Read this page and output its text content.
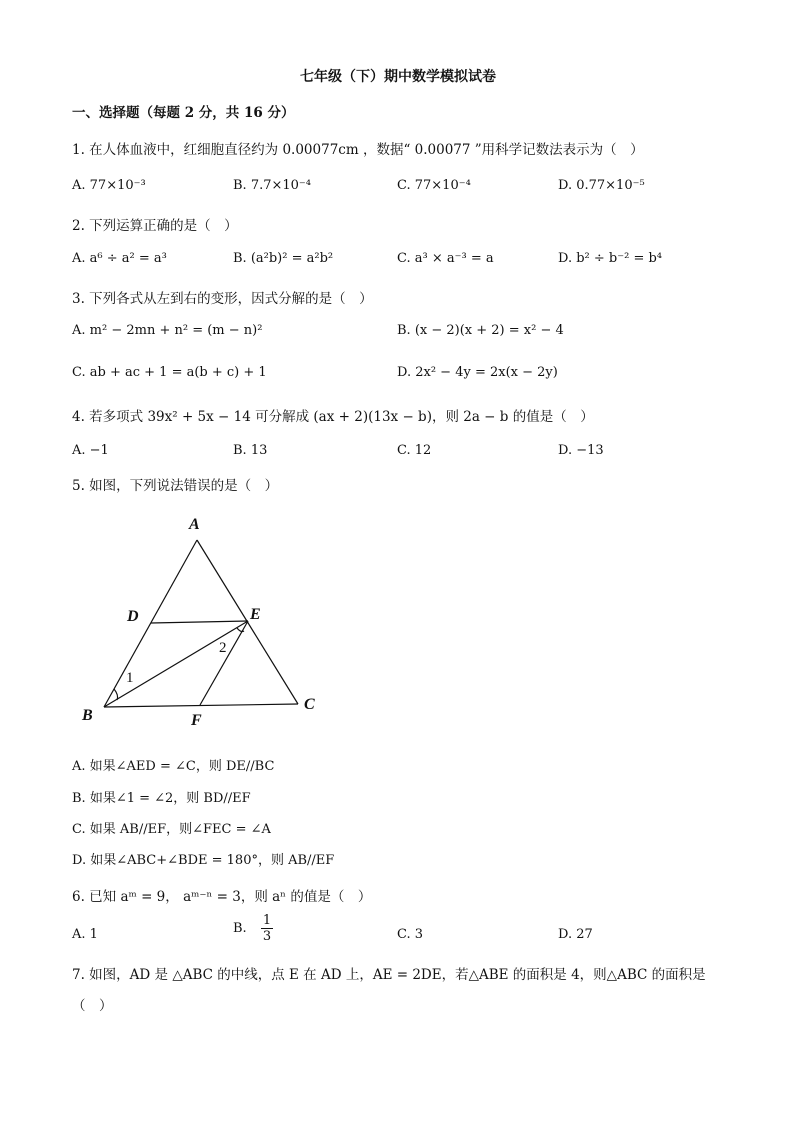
七年级（下）期中数学模拟试卷
一、选择题（每题 2 分，共 16 分）
1. 在人体血液中，红细胞直径约为 0.00077cm ，数据“ 0.00077 ”用科学记数法表示为（　）
A. 77×10⁻³	B. 7.7×10⁻⁴	C. 77×10⁻⁴	D. 0.77×10⁻⁵
2. 下列运算正确的是（　）
A. a⁶ ÷ a² = a³	B. (a²b)² = a²b²	C. a³ × a⁻³ = a	D. b² ÷ b⁻² = b⁴
3. 下列各式从左到右的变形，因式分解的是（　）
A. m² − 2mn + n² = (m − n)²	B. (x − 2)(x + 2) = x² − 4
C. ab + ac + 1 = a(b + c) + 1	D. 2x² − 4y = 2x(x − 2y)
4. 若多项式 39x² + 5x − 14 可分解成 (ax + 2)(13x − b)，则 2a − b 的值是（　）
A. −1	B. 13	C. 12	D. −13
5. 如图，下列说法错误的是（　）
A
D	E
B	F
C
1
2
A. 如果∠AED = ∠C，则 DE//BC
B. 如果∠1 = ∠2，则 BD//EF
C. 如果 AB//EF，则∠FEC = ∠A
D. 如果∠ABC+∠BDE = 180°，则 AB//EF
6. 已知 aᵐ = 9， aᵐ⁻ⁿ = 3，则 aⁿ 的值是（　）
A. 1	B. $\frac{1}{3}$	C. 3	D. 27
7. 如图，AD 是 △ABC 的中线，点 E 在 AD 上，AE = 2DE，若△ABE 的面积是 4，则△ABC 的面积是
（　）
